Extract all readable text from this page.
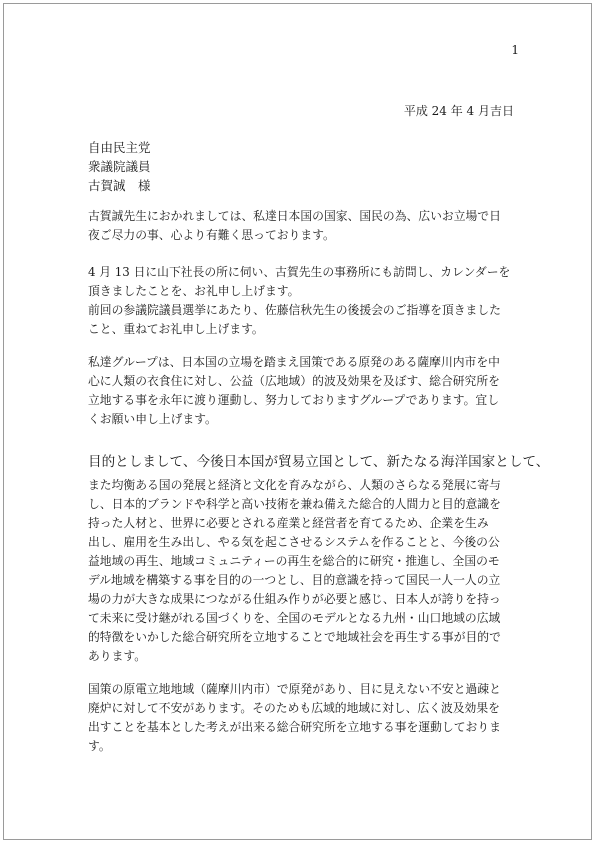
1
平成 24 年 4 月吉日
自由民主党
衆議院議員
古賀誠　様
古賀誠先生におかれましては、私達日本国の国家、国民の為、広いお立場で日
夜ご尽力の事、心より有難く思っております。
4 月 13 日に山下社長の所に伺い、古賀先生の事務所にも訪問し、カレンダーを
頂きましたことを、お礼申し上げます。
前回の参議院議員選挙にあたり、佐藤信秋先生の後援会のご指導を頂きました
こと、重ねてお礼申し上げます。
私達グループは、日本国の立場を踏まえ国策である原発のある薩摩川内市を中
心に人類の衣食住に対し、公益（広地域）的波及効果を及ぼす、総合研究所を
立地する事を永年に渡り運動し、努力しておりますグループであります。宜し
くお願い申し上げます。
目的としまして、今後日本国が貿易立国として、新たなる海洋国家として、
また均衡ある国の発展と経済と文化を育みながら、人類のさらなる発展に寄与
し、日本的ブランドや科学と高い技術を兼ね備えた総合的人間力と目的意識を
持った人材と、世界に必要とされる産業と経営者を育てるため、企業を生み
出し、雇用を生み出し、やる気を起こさせるシステムを作ることと、今後の公
益地域の再生、地域コミュニティーの再生を総合的に研究・推進し、全国のモ
デル地域を構築する事を目的の一つとし、目的意識を持って国民一人一人の立
場の力が大きな成果につながる仕組み作りが必要と感じ、日本人が誇りを持っ
て未来に受け継がれる国づくりを、全国のモデルとなる九州・山口地域の広域
的特徴をいかした総合研究所を立地することで地域社会を再生する事が目的で
あります。
国策の原電立地地域（薩摩川内市）で原発があり、目に見えない不安と過疎と
廃炉に対して不安があります。そのためも広域的地域に対し、広く波及効果を
出すことを基本とした考えが出来る総合研究所を立地する事を運動しておりま
す。
